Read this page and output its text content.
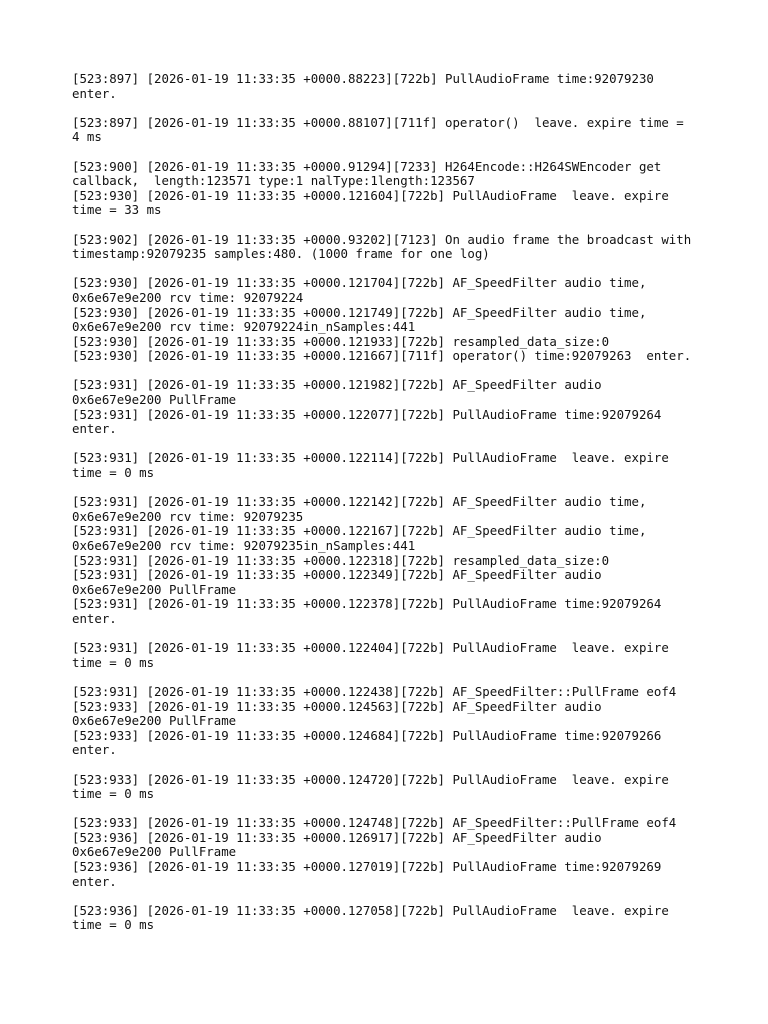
[523:897] [2026-01-19 11:33:35 +0000.88223][722b] PullAudioFrame time:92079230
enter.
[523:897] [2026-01-19 11:33:35 +0000.88107][711f] operator()  leave. expire time =
4 ms
[523:900] [2026-01-19 11:33:35 +0000.91294][7233] H264Encode::H264SWEncoder get
callback,  length:123571 type:1 nalType:1length:123567
[523:930] [2026-01-19 11:33:35 +0000.121604][722b] PullAudioFrame  leave. expire
time = 33 ms
[523:902] [2026-01-19 11:33:35 +0000.93202][7123] On audio frame the broadcast with
timestamp:92079235 samples:480. (1000 frame for one log)
[523:930] [2026-01-19 11:33:35 +0000.121704][722b] AF_SpeedFilter audio time,
0x6e67e9e200 rcv time: 92079224
[523:930] [2026-01-19 11:33:35 +0000.121749][722b] AF_SpeedFilter audio time,
0x6e67e9e200 rcv time: 92079224in_nSamples:441
[523:930] [2026-01-19 11:33:35 +0000.121933][722b] resampled_data_size:0
[523:930] [2026-01-19 11:33:35 +0000.121667][711f] operator() time:92079263  enter.
[523:931] [2026-01-19 11:33:35 +0000.121982][722b] AF_SpeedFilter audio
0x6e67e9e200 PullFrame
[523:931] [2026-01-19 11:33:35 +0000.122077][722b] PullAudioFrame time:92079264
enter.
[523:931] [2026-01-19 11:33:35 +0000.122114][722b] PullAudioFrame  leave. expire
time = 0 ms
[523:931] [2026-01-19 11:33:35 +0000.122142][722b] AF_SpeedFilter audio time,
0x6e67e9e200 rcv time: 92079235
[523:931] [2026-01-19 11:33:35 +0000.122167][722b] AF_SpeedFilter audio time,
0x6e67e9e200 rcv time: 92079235in_nSamples:441
[523:931] [2026-01-19 11:33:35 +0000.122318][722b] resampled_data_size:0
[523:931] [2026-01-19 11:33:35 +0000.122349][722b] AF_SpeedFilter audio
0x6e67e9e200 PullFrame
[523:931] [2026-01-19 11:33:35 +0000.122378][722b] PullAudioFrame time:92079264
enter.
[523:931] [2026-01-19 11:33:35 +0000.122404][722b] PullAudioFrame  leave. expire
time = 0 ms
[523:931] [2026-01-19 11:33:35 +0000.122438][722b] AF_SpeedFilter::PullFrame eof4
[523:933] [2026-01-19 11:33:35 +0000.124563][722b] AF_SpeedFilter audio
0x6e67e9e200 PullFrame
[523:933] [2026-01-19 11:33:35 +0000.124684][722b] PullAudioFrame time:92079266
enter.
[523:933] [2026-01-19 11:33:35 +0000.124720][722b] PullAudioFrame  leave. expire
time = 0 ms
[523:933] [2026-01-19 11:33:35 +0000.124748][722b] AF_SpeedFilter::PullFrame eof4
[523:936] [2026-01-19 11:33:35 +0000.126917][722b] AF_SpeedFilter audio
0x6e67e9e200 PullFrame
[523:936] [2026-01-19 11:33:35 +0000.127019][722b] PullAudioFrame time:92079269
enter.
[523:936] [2026-01-19 11:33:35 +0000.127058][722b] PullAudioFrame  leave. expire
time = 0 ms
